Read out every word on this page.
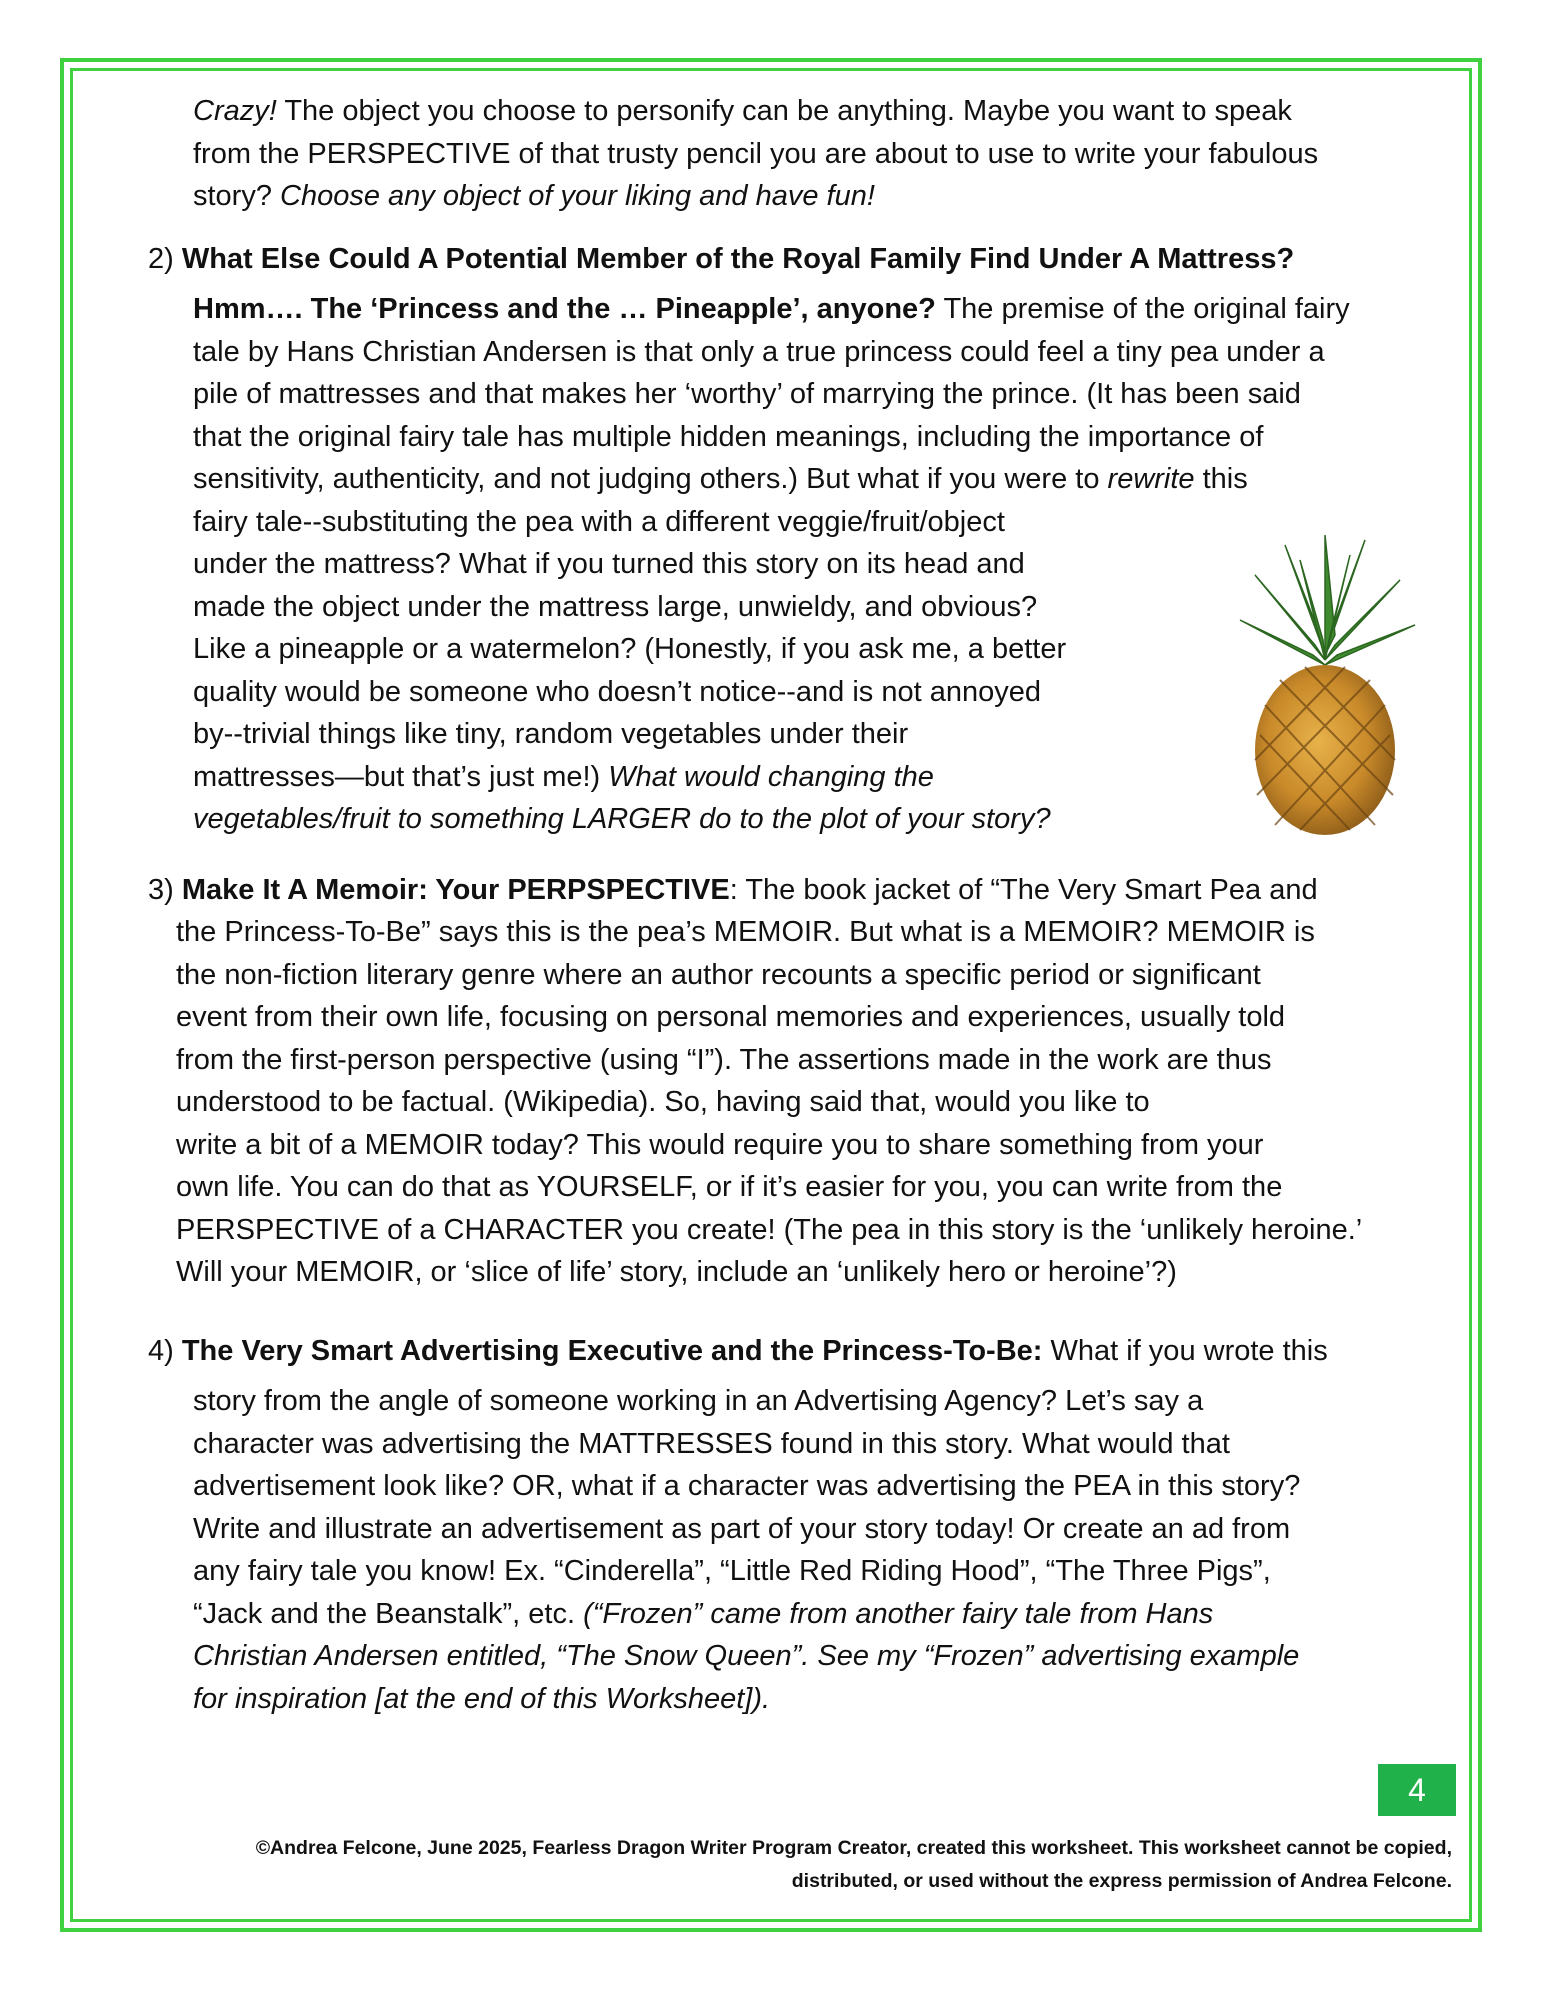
Crazy! The object you choose to personify can be anything. Maybe you want to speak
from the PERSPECTIVE of that trusty pencil you are about to use to write your fabulous
story? Choose any object of your liking and have fun!
2) What Else Could A Potential Member of the Royal Family Find Under A Mattress?
Hmm…. The ‘Princess and the … Pineapple’, anyone? The premise of the original fairy
tale by Hans Christian Andersen is that only a true princess could feel a tiny pea under a
pile of mattresses and that makes her ‘worthy’ of marrying the prince. (It has been said
that the original fairy tale has multiple hidden meanings, including the importance of
sensitivity, authenticity, and not judging others.) But what if you were to rewrite this
fairy tale--substituting the pea with a different veggie/fruit/object
under the mattress? What if you turned this story on its head and
made the object under the mattress large, unwieldy, and obvious?
Like a pineapple or a watermelon? (Honestly, if you ask me, a better
quality would be someone who doesn’t notice--and is not annoyed
by--trivial things like tiny, random vegetables under their
mattresses—but that’s just me!) What would changing the
vegetables/fruit to something LARGER do to the plot of your story?
3) Make It A Memoir: Your PERPSPECTIVE: The book jacket of “The Very Smart Pea and
the Princess-To-Be” says this is the pea’s MEMOIR. But what is a MEMOIR? MEMOIR is
the non-fiction literary genre where an author recounts a specific period or significant
event from their own life, focusing on personal memories and experiences, usually told
from the first-person perspective (using “I”). The assertions made in the work are thus
understood to be factual. (Wikipedia). So, having said that, would you like to
write a bit of a MEMOIR today? This would require you to share something from your
own life. You can do that as YOURSELF, or if it’s easier for you, you can write from the
PERSPECTIVE of a CHARACTER you create! (The pea in this story is the ‘unlikely heroine.’
Will your MEMOIR, or ‘slice of life’ story, include an ‘unlikely hero or heroine’?)
4) The Very Smart Advertising Executive and the Princess-To-Be: What if you wrote this
story from the angle of someone working in an Advertising Agency? Let’s say a
character was advertising the MATTRESSES found in this story. What would that
advertisement look like? OR, what if a character was advertising the PEA in this story?
Write and illustrate an advertisement as part of your story today! Or create an ad from
any fairy tale you know! Ex. “Cinderella”, “Little Red Riding Hood”, “The Three Pigs”,
“Jack and the Beanstalk”, etc. (“Frozen” came from another fairy tale from Hans
Christian Andersen entitled, “The Snow Queen”. See my “Frozen” advertising example
for inspiration [at the end of this Worksheet]).
4
©Andrea Felcone, June 2025, Fearless Dragon Writer Program Creator, created this worksheet. This worksheet cannot be copied,
distributed, or used without the express permission of Andrea Felcone.
